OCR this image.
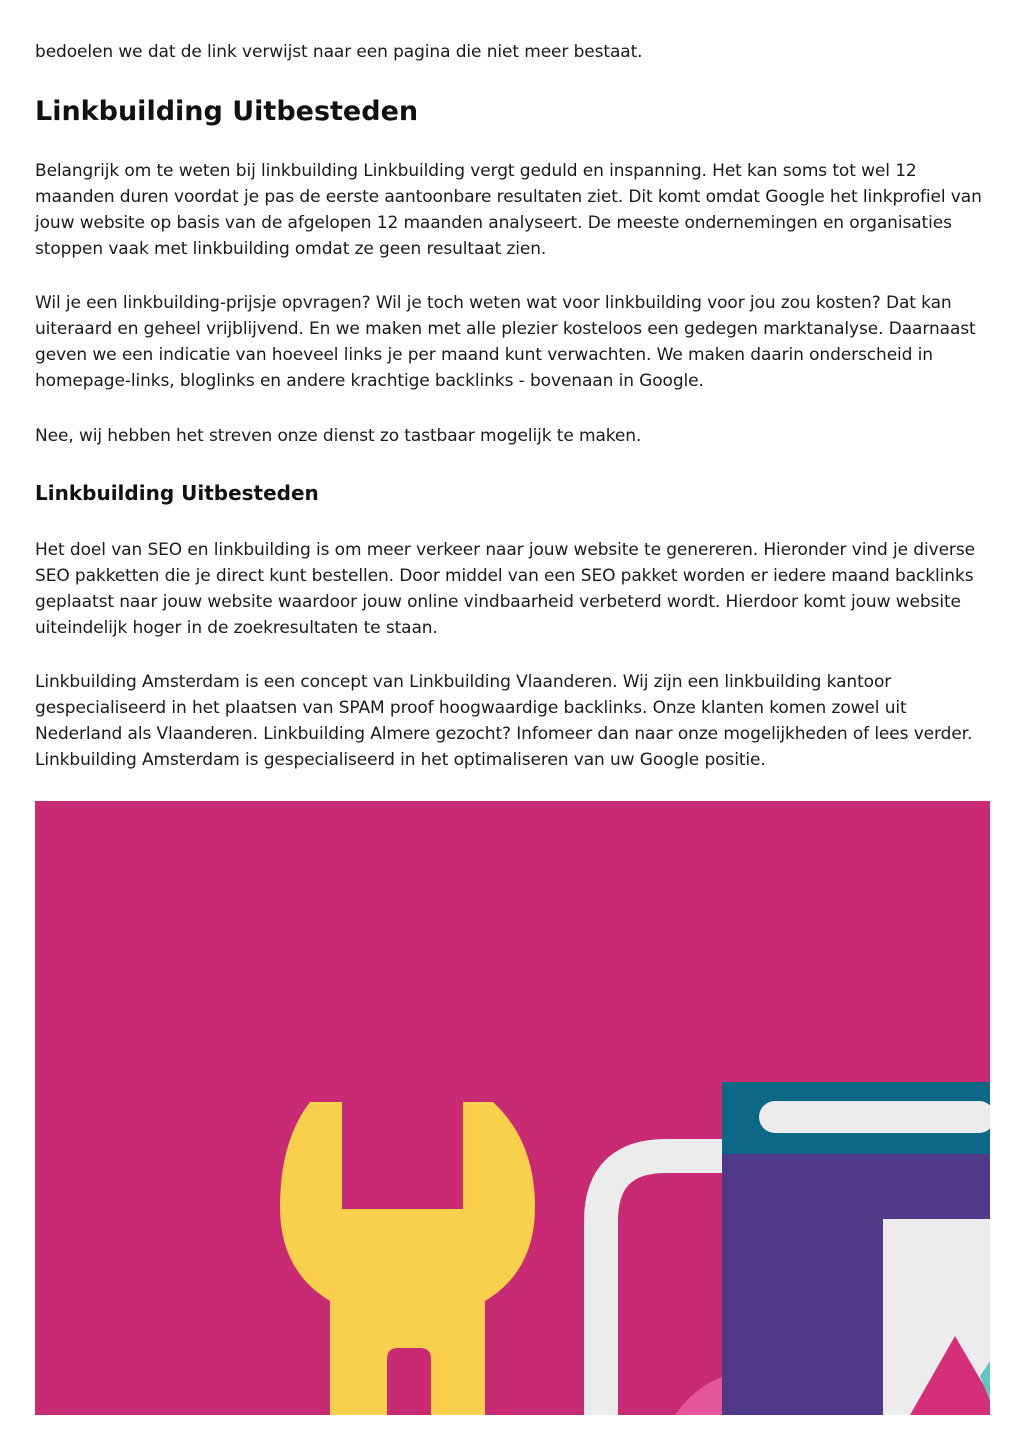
bedoelen we dat de link verwijst naar een pagina die niet meer bestaat.

Linkbuilding Uitbesteden

Belangrijk om te weten bij linkbuilding Linkbuilding vergt geduld en inspanning. Het kan soms tot wel 12 maanden duren voordat je pas de eerste aantoonbare resultaten ziet. Dit komt omdat Google het linkprofiel van jouw website op basis van de afgelopen 12 maanden analyseert. De meeste ondernemingen en organisaties stoppen vaak met linkbuilding omdat ze geen resultaat zien.

Wil je een linkbuilding-prijsje opvragen? Wil je toch weten wat voor linkbuilding voor jou zou kosten? Dat kan uiteraard en geheel vrijblijvend. En we maken met alle plezier kosteloos een gedegen marktanalyse. Daarnaast geven we een indicatie van hoeveel links je per maand kunt verwachten. We maken daarin onderscheid in homepage-links, bloglinks en andere krachtige backlinks - bovenaan in Google.

Nee, wij hebben het streven onze dienst zo tastbaar mogelijk te maken.

Linkbuilding Uitbesteden

Het doel van SEO en linkbuilding is om meer verkeer naar jouw website te genereren. Hieronder vind je diverse SEO pakketten die je direct kunt bestellen. Door middel van een SEO pakket worden er iedere maand backlinks geplaatst naar jouw website waardoor jouw online vindbaarheid verbeterd wordt. Hierdoor komt jouw website uiteindelijk hoger in de zoekresultaten te staan.

Linkbuilding Amsterdam is een concept van Linkbuilding Vlaanderen. Wij zijn een linkbuilding kantoor gespecialiseerd in het plaatsen van SPAM proof hoogwaardige backlinks. Onze klanten komen zowel uit Nederland als Vlaanderen. Linkbuilding Almere gezocht? Infomeer dan naar onze mogelijkheden of lees verder. Linkbuilding Amsterdam is gespecialiseerd in het optimaliseren van uw Google positie.
